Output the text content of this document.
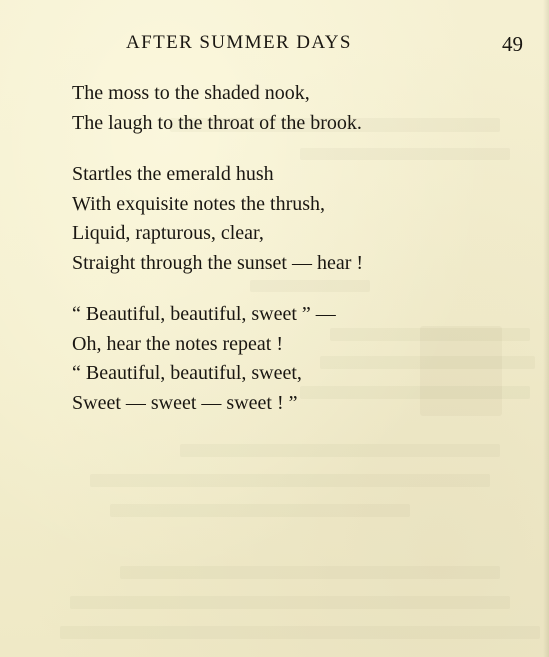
AFTER SUMMER DAYS	49
The moss to the shaded nook,
The laugh to the throat of the brook.
Startles the emerald hush
With exquisite notes the thrush,
Liquid, rapturous, clear,
Straight through the sunset — hear !
“ Beautiful, beautiful, sweet ” —
Oh, hear the notes repeat !
“ Beautiful, beautiful, sweet,
Sweet — sweet — sweet ! ”
